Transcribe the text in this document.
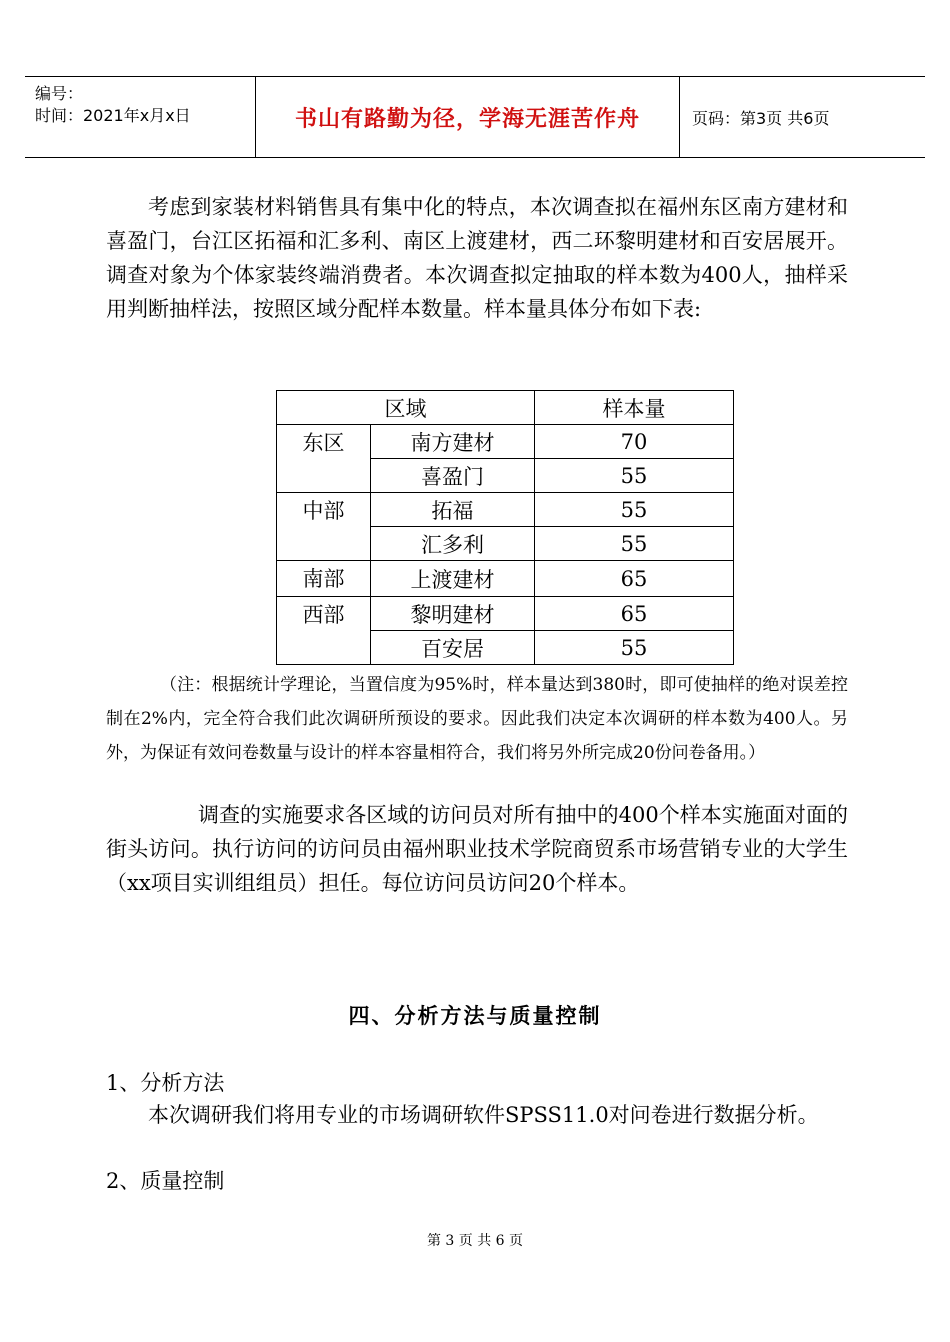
编号：
时间：2021年x月x日	书山有路勤为径，学海无涯苦作舟	页码：第3页 共6页
考虑到家装材料销售具有集中化的特点，本次调查拟在福州东区南方建材和喜盈门，台江区拓福和汇多利、南区上渡建材，西二环黎明建材和百安居展开。调查对象为个体家装终端消费者。本次调查拟定抽取的样本数为400人，抽样采用判断抽样法，按照区域分配样本数量。样本量具体分布如下表:
区域		样本量
东区	南方建材	70
	喜盈门	55
中部	拓福	55
	汇多利	55
南部	上渡建材	65
西部	黎明建材	65
	百安居	55
（注：根据统计学理论，当置信度为95%时，样本量达到380时，即可使抽样的绝对误差控制在2%内，完全符合我们此次调研所预设的要求。因此我们决定本次调研的样本数为400人。另外，为保证有效问卷数量与设计的样本容量相符合，我们将另外所完成20份问卷备用。）
调查的实施要求各区域的访问员对所有抽中的400个样本实施面对面的街头访问。执行访问的访问员由福州职业技术学院商贸系市场营销专业的大学生（xx项目实训组组员）担任。每位访问员访问20个样本。
四、分析方法与质量控制
1、分析方法
本次调研我们将用专业的市场调研软件SPSS11.0对问卷进行数据分析。
2、质量控制
第 3 页 共 6 页
